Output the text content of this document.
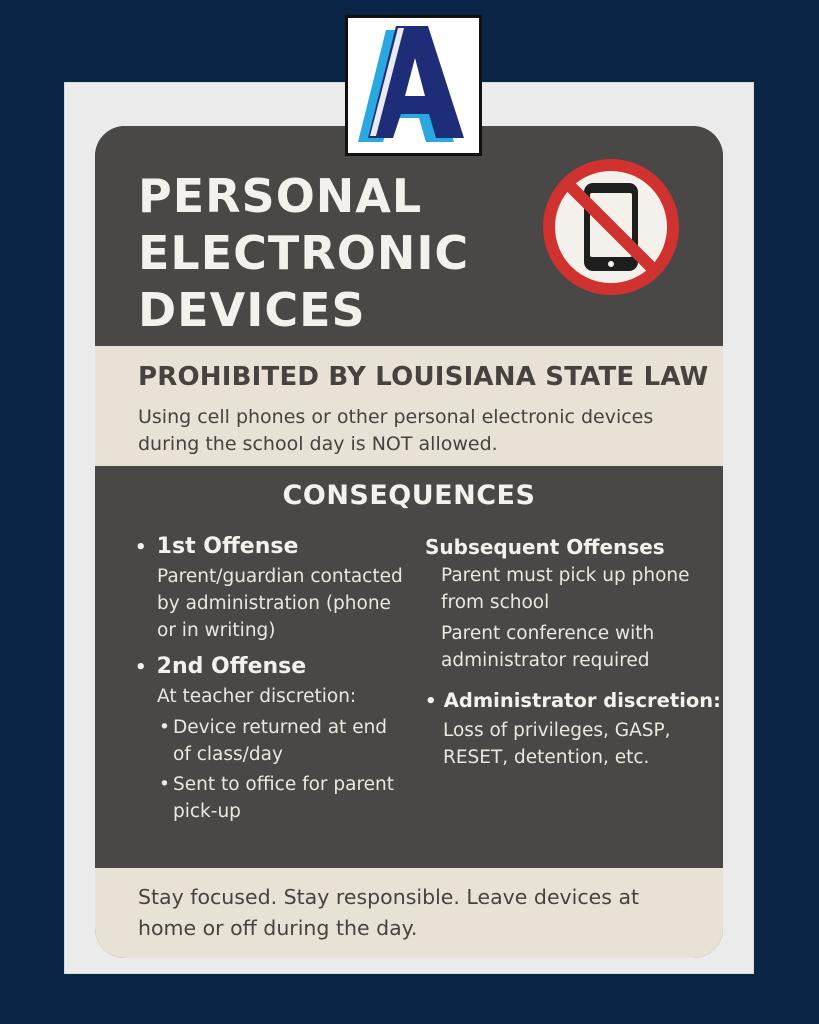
PERSONAL
ELECTRONIC
DEVICES
PROHIBITED BY LOUISIANA STATE LAW

Using cell phones or other personal electronic devices during the school day is NOT allowed.

CONSEQUENCES

• 1st Offense

Parent/guardian contacted by administration (phone or in writing)

• 2nd Offense

At teacher discretion:

• Device returned at end of class/day
• Sent to office for parent pick-up

Subsequent Offenses

Parent must pick up phone from school

Parent conference with administrator required

• Administrator discretion:

Loss of privileges, GASP, RESET, detention, etc.

Stay focused. Stay responsible. Leave devices at home or off during the day.
